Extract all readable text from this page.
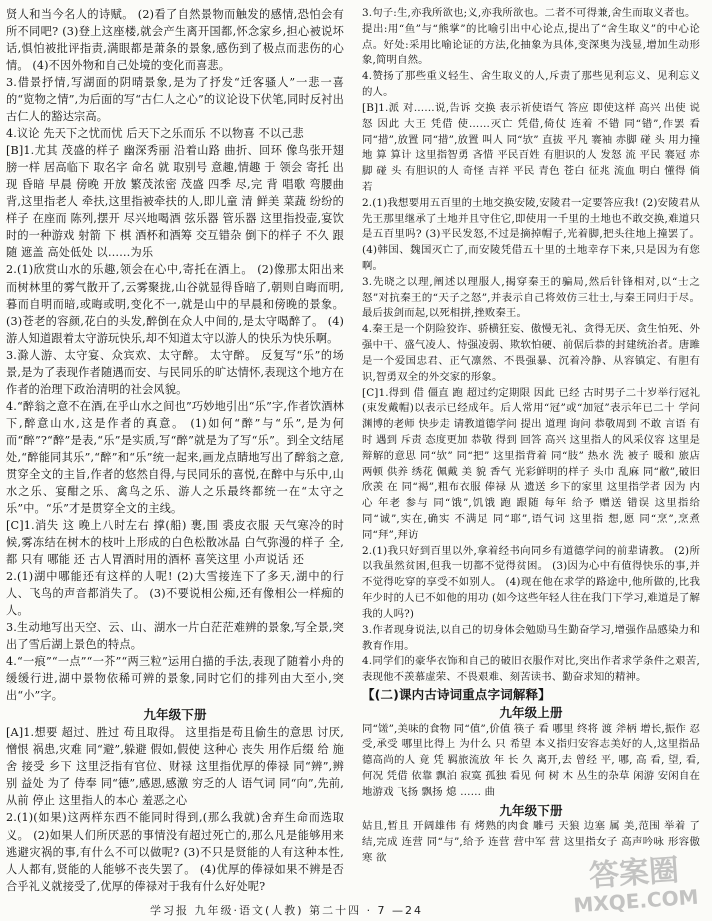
贤人和当今名人的诗赋。 (2)看了自然景物而触发的感情,恐怕会有所不同吧? (3)登上这座楼,就会产生离开国都,怀念家乡,担心被说坏话,惧怕被批评指责,满眼都是萧条的景象,感伤到了极点而悲伤的心情。 (4)不因外物和自己处境的变化而喜悲。

3.借景抒情,写湖面的阴晴景象,是为了抒发“迁客骚人”一悲一喜的“览物之情”,为后面的写“古仁人之心”的议论设下伏笔,同时反衬出古仁人的豁达宗高。

4.议论 先天下之忧而忧 后天下之乐而乐 不以物喜 不以己悲

[B]1.尤其 茂盛的样子 幽深秀丽 沿着山路 曲折、回环 像鸟张开翅膀一样 居高临下 取名字 命名 就 取别号 意趣,情趣 于 领会 寄托 出现 昏暗 早晨 傍晚 开放 繁茂浓密 茂盛 四季 尽,完 背 唱歌 弯腰曲背,这里指老人 牵扶,这里指被牵扶的人,即儿童 清 鲜美 菜蔬 纷纷的样子 在座而 陈列,摆开 尽兴地喝酒 弦乐器 管乐器 这里指投壶,宴饮时的一种游戏 射箭 下 棋 酒杯和酒筹 交互错杂 倒下的样子 不久 跟随 遮盖 高处低处 以……为乐

2.(1)欣赏山水的乐趣,领会在心中,寄托在酒上。 (2)像那太阳出来而树林里的雾气散开了,云雾聚拢,山谷就显得昏暗了,朝则自晦而明,暮而自明而暗,或晦或明,变化不一,就是山中的早晨和傍晚的景象。 (3)苍老的容颜,花白的头发,醉倒在众人中间的,是太守喝醉了。 (4)游人知道跟着太守游玩快乐,却不知道太守以游人的快乐为快乐啊。

3.滁人游、太守宴、众宾欢、太守醉。 太守醉。 反复写“乐”的场景,是为了表现作者随遇而安、与民同乐的旷达情怀,表现这个地方在作者的治理下政治清明的社会风貌。

4.“醉翁之意不在酒,在乎山水之间也”巧妙地引出“乐”字,作者饮酒林下,醉意山水,这是作者的真意。 (1)如何“醉”与“乐”,是为何而“醉”?“醉”是表,“乐”是实质,写“醉”就是为了写“乐”。到全文结尾处,“醉能同其乐”,“醉”和“乐”统一起来,画龙点睛地写出了醉翁之意,贯穿全文的主旨,作者的悠然自得,与民同乐的喜悦,在醉中与乐中,山水之乐、宴酣之乐、禽鸟之乐、游人之乐最终都统一在“太守之乐”中。“乐”才是贯穿全文的主线。

[C]1.消失 这 晚上八时左右 撑(船) 裹,围 裘皮衣服 天气寒冷的时候,雾冻结在树木的枝叶上形成的白色松散冰晶 白气弥漫的样子 全,都 只有 哪能 还 古人胃酒时用的酒杯 喜笑这里 小声说话 还

2.(1)湖中哪能还有这样的人呢! (2)大雪接连下了多天,湖中的行人、飞鸟的声音都消失了。 (3)不要说相公痴,还有像相公一样痴的人。

3.生动地写出天空、云、山、湖水一片白茫茫难辨的景象,写全景,突出了雪后湖上景色的特点。

4.“一痕”“一点”“一芥”“两三粒”运用白描的手法,表现了随着小舟的缓缓行进,湖中景物依稀可辨的景象,同时它们的排列由大至小,突出“小”字。

九年级下册

[A]1.想要 超过、胜过 苟且取得。 这里指是苟且偷生的意思 讨厌,憎恨 祸患,灾难 同“避”,躲避 假如,假使 这种心 丧失 用作后缀 给 施舍 接受 乡下 这里泛指有官位、财禄 这里指优厚的俸禄 同“辨”,辨别 益处 为了 侍奉 同“德”,感恩,感激 穷乏的人 语气词 同“向”,先前,从前 停止 这里指人的本心 羞恶之心

2.(1)(如果)这两样东西不能同时得到,(那么我就)舍弃生命而选取义。 (2)如果人们所厌恶的事情没有超过死亡的,那么凡是能够用来逃避灾祸的事,有什么不可以做呢? (3)不只是贤能的人有这种本性,人人都有,贤能的人能够不丧失罢了。 (4)优厚的俸禄如果不辨是否合乎礼义就接受了,优厚的俸禄对于我有什么好处呢?

3.句子:生,亦我所欲也;义,亦我所欲也。二者不可得兼,舍生而取义者也。

提出:用“鱼”与“熊掌”的比喻引出中心论点,提出了“舍生取义”的中心论点。好处:采用比喻论证的方法,化抽象为具体,变深奥为浅显,增加生动形象,简明自然。

4.赞扬了那些重义轻生、舍生取义的人,斥责了那些见利忘义、见利忘义的人。

[B]1.派 对……说,告诉 交换 表示祈使语气 答应 即使这样 高兴 出使 说 怒 因此 大王 凭借 使……灭亡 凭借,倚仗 连着 不错 同“错”,作罢 看 同“措”,放置 同“措”,放置 叫人 同“欤” 直拔 平凡 褰袖 赤脚 碰 头 用力撞地 算 算计 这里指智勇 吝惜 平民百姓 有胆识的人 发怒 流 平民 褰冠 赤脚 碰 头 有胆识的人 奇怪 吉祥 平民 青色 苍白 征兆 流血 明白 懂得 倘若

2.(1)我想要用五百里的土地交换安陵,安陵君一定要答应我! (2)安陵君从先王那里继承了土地并且守住它,即使用一千里的土地也不敢交换,难道只是五百里吗? (3)平民发怒,不过是摘掉帽子,光着脚,把头往地上撞罢了。 (4)韩国、魏国灭亡了,而安陵凭借五十里的土地幸存下来,只是因为有您啊。

3.先晓之以理,阐述以理服人,揭穿秦王的骗局,然后针锋相对,以“士之怒”对抗秦王的“天子之怒”,并表示自己将效仿三壮士,与秦王同归于尽。最后拔剑而起,以死相拼,挫败秦王。

4.秦王是一个阴险狡诈、骄横狂妄、傲慢无礼、贪得无厌、贪生怕死、外强中干、盛气凌人、恃强凌弱、欺软怕硬、前倨后恭的封建统治者。唐雎是一个爱国忠君、正气凛然、不畏强暴、沉着冷静、从容镇定、有胆有识,智勇双全的外交家的形象。

[C]1.得到 借 僵直 跑 超过约定期限 因此 已经 古时男子二十岁举行冠礼(束发戴帽)以表示已经成年。后人常用“冠”或“加冠”表示年已二十 学问渊博的老师 快步走 请教道德学问 提出 道理 询问 恭敬周到 不敢 言语 有时 遇到 斥责 态度更加 恭敬 得到 回答 高兴 这里指人的风采仪容 这里是辩解的意思 同“欤” 同“把” 这里指背着 同“肢” 热水 洗 被子 暖和 旅店 两顿 供养 绣花 佩戴 美 貌 香气 光彩鲜明的样子 头巾 乱麻 同“敝”,破旧 欣羡 在 同“褐”,粗布衣服 俸禄 从 遗送 乡下的家里 这里指学者 因为 内心 年老 参与 同“饿”,饥饿 跑 跟随 每年 给予 赠送 错误 这里指给 同“诚”,实在,确实 不满足 同“耶”,语气词 这里指 想,愿 同“烹”,烹煮 同“拜”,拜访

2.(1)我只好到百里以外,拿着经书向同乡有道德学问的前辈请教。 (2)所以我虽然贫困,但我一切都不觉得贫困。 (3)因为心中有值得快乐的事,并不觉得吃穿的享受不如别人。 (4)现在他在求学的路途中,他所做的,比我年少时的人已不如他的用功 (如今这些年轻人往在我门下学习,难道是了解我的人吗?)

3.作者现身说法,以自己的切身体会勉励马生勤奋学习,增强作品感染力和教育作用。

4.同学们的豪华衣饰和自己的破旧衣服作对比,突出作者求学条件之艰苦,表现他不羡慕虚荣、不畏艰难、刻苦读书、勤奋求知的精神。

【(二)课内古诗词重点字词解释】
九年级上册

同“馐”,美味的食物 同“值”,价值 筷子 看 哪里 终将 渡 斧柄 增长,振作 忍受,承受 哪里比得上 为什么 只 希望 本义指归安容志美好的人,这里指品德高尚的人 竟 凭 羁旅流放 年 长 久 离开,去 曾经 平, 哪, 高 看, 望, 看, 何况 凭借 依靠 飘泊 寂寞 孤独 看见 何 树 木 丛生的杂草 闲游 安闲自在地游戏 飞扬 飘扬 熄 …… 曲

九年级下册

姑且,暂且 开阔雄伟 有 烤熟的肉食 雕弓 天狼 边塞 属 美,范围 举着 了结,完成 连营 同“与”,给予 连营 营中军 营 这里指女子 高声吟咏 形容傲寒 欲

学习报 九年级·语文(人教) 第二十四 · 7 —24
答案圈
MXQE.COM
